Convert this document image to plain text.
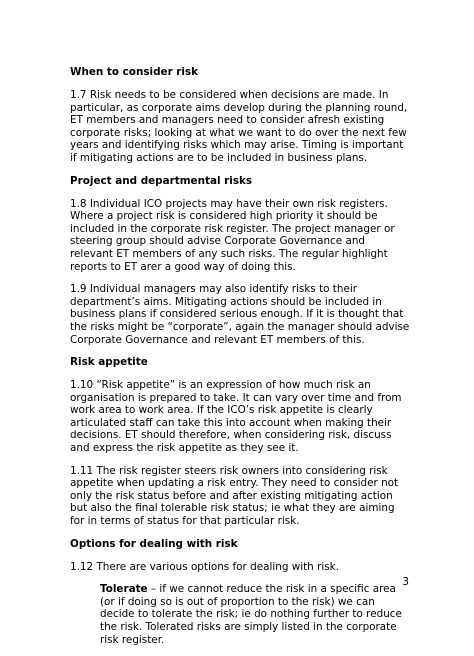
When to consider risk

1.7 Risk needs to be considered when decisions are made. In particular, as corporate aims develop during the planning round, ET members and managers need to consider afresh existing corporate risks; looking at what we want to do over the next few years and identifying risks which may arise. Timing is important if mitigating actions are to be included in business plans.

Project and departmental risks

1.8 Individual ICO projects may have their own risk registers. Where a project risk is considered high priority it should be included in the corporate risk register. The project manager or steering group should advise Corporate Governance and relevant ET members of any such risks. The regular highlight reports to ET arer a good way of doing this.

1.9 Individual managers may also identify risks to their department’s aims. Mitigating actions should be included in business plans if considered serious enough. If it is thought that the risks might be “corporate”, again the manager should advise Corporate Governance and relevant ET members of this.

Risk appetite

1.10 “Risk appetite” is an expression of how much risk an organisation is prepared to take. It can vary over time and from work area to work area. If the ICO’s risk appetite is clearly articulated staff can take this into account when making their decisions. ET should therefore, when considering risk, discuss and express the risk appetite as they see it.

1.11 The risk register steers risk owners into considering risk appetite when updating a risk entry. They need to consider not only the risk status before and after existing mitigating action but also the final tolerable risk status; ie what they are aiming for in terms of status for that particular risk.

Options for dealing with risk

1.12 There are various options for dealing with risk.

Tolerate – if we cannot reduce the risk in a specific area (or if doing so is out of proportion to the risk) we can decide to tolerate the risk; ie do nothing further to reduce the risk. Tolerated risks are simply listed in the corporate risk register.

3
